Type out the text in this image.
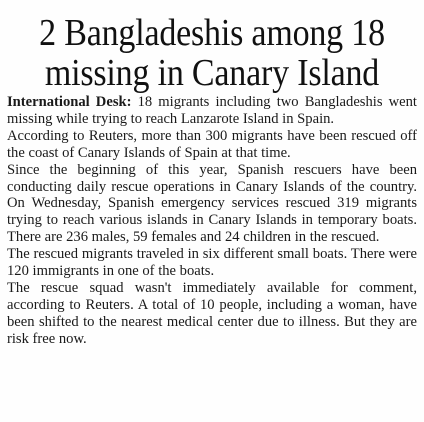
2 Bangladeshis among 18
missing in Canary Island

International Desk: 18 migrants including two Bangladeshis went missing while trying to reach Lanzarote Island in Spain.

According to Reuters, more than 300 migrants have been rescued off the coast of Canary Islands of Spain at that time.

Since the beginning of this year, Spanish rescuers have been conducting daily rescue operations in Canary Islands of the country. On Wednesday, Spanish emergency services rescued 319 migrants trying to reach various islands in Canary Islands in temporary boats. There are 236 males, 59 females and 24 children in the rescued.

The rescued migrants traveled in six different small boats. There were 120 immigrants in one of the boats.

The rescue squad wasn't immediately available for comment, according to Reuters. A total of 10 people, including a woman, have been shifted to the nearest medical center due to illness. But they are risk free now.
